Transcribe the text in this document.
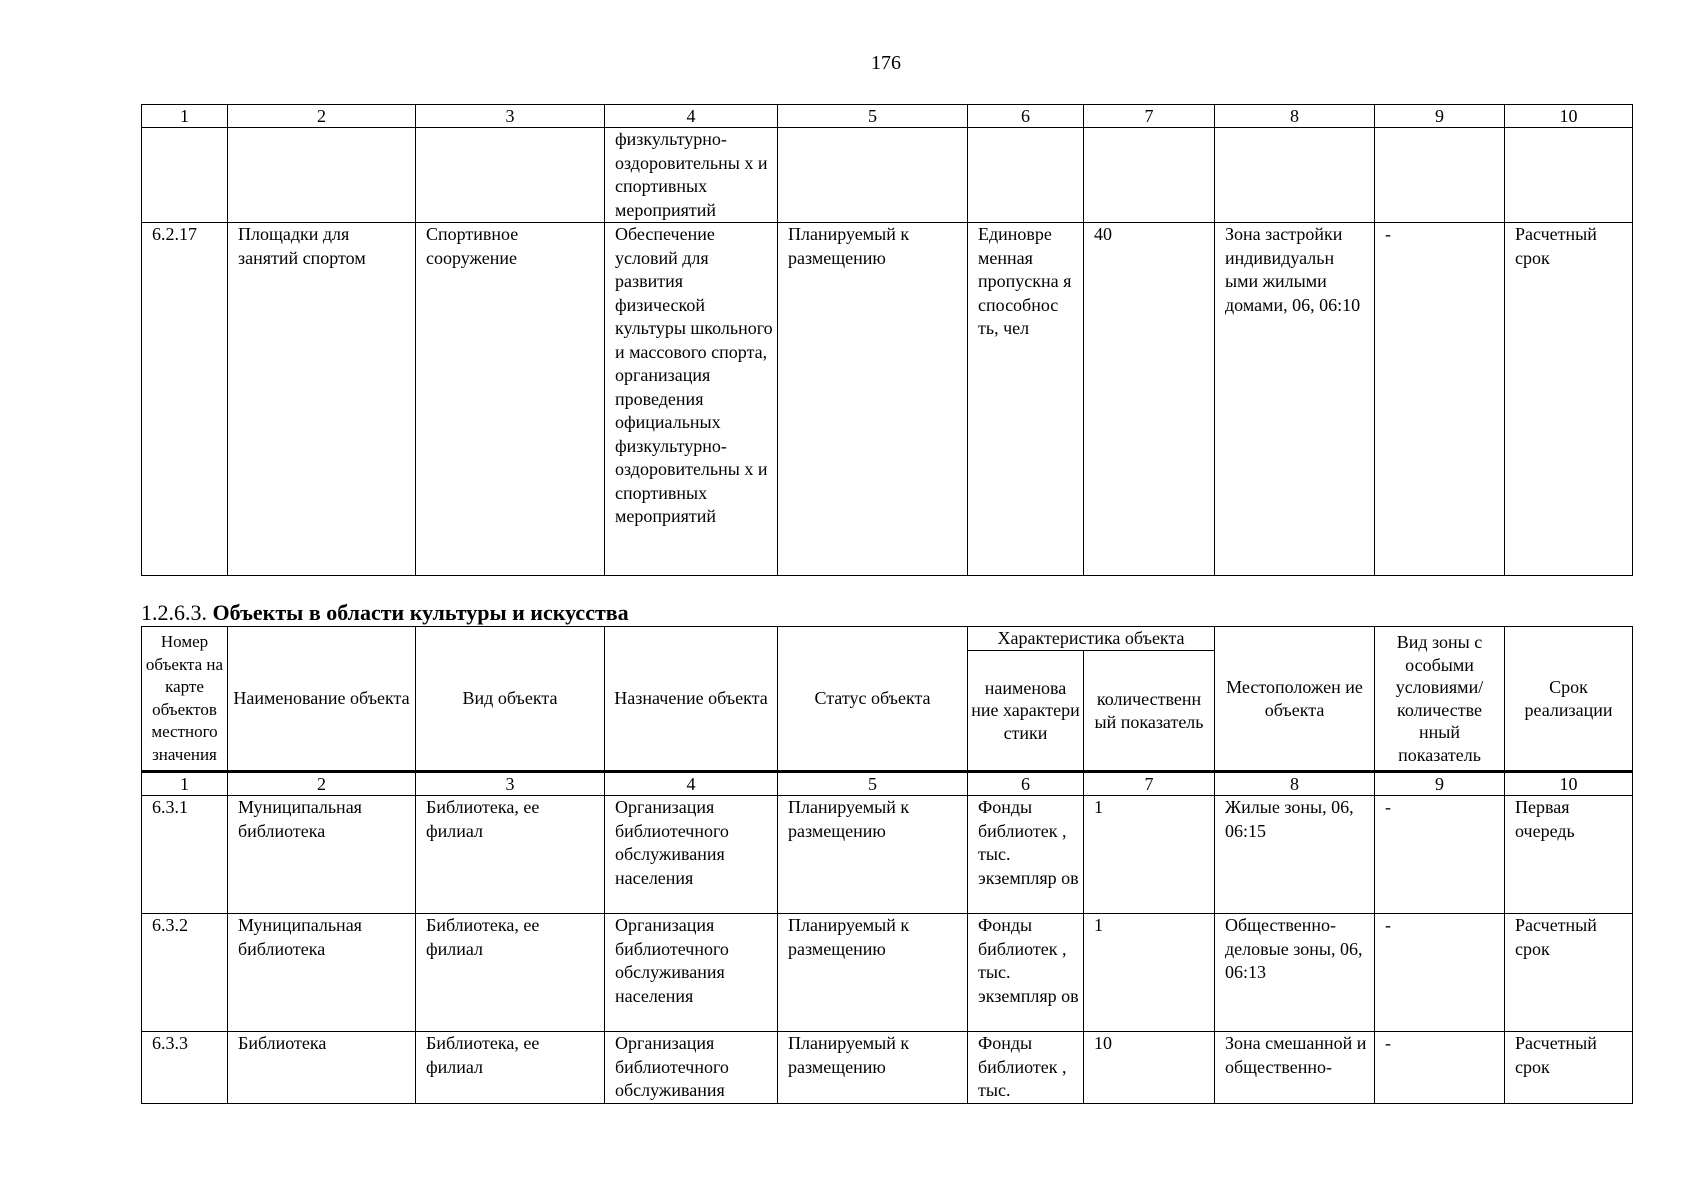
176
1	2	3	4	5	6	7	8	9	10
			физкультурно-оздоровительны х и спортивных мероприятий						
6.2.17	Площадки для занятий спортом	Спортивное сооружение	Обеспечение условий для развития физической культуры школьного и массового спорта, организация проведения официальных физкультурно-оздоровительны х и спортивных мероприятий	Планируемый к размещению	Единовре менная пропускна я способнос ть, чел	40	Зона застройки индивидуальн ыми жилыми домами, 06, 06:10	-	Расчетный срок
1.2.6.3. Объекты в области культуры и искусства
Номер объекта на карте объектов местного значения	Наименование объекта	Вид объекта	Назначение объекта	Статус объекта	Характеристика объекта		Местоположен ие объекта	Вид зоны с особыми условиями/ количестве нный показатель	Срок реализации
					наименова ние характери стики	количественн ый показатель			
1	2	3	4	5	6	7	8	9	10
6.3.1	Муниципальная библиотека	Библиотека, ее филиал	Организация библиотечного обслуживания населения	Планируемый к размещению	Фонды библиотек , тыс. экземпляр ов	1	Жилые зоны, 06, 06:15	-	Первая очередь
6.3.2	Муниципальная библиотека	Библиотека, ее филиал	Организация библиотечного обслуживания населения	Планируемый к размещению	Фонды библиотек , тыс. экземпляр ов	1	Общественно-деловые зоны, 06, 06:13	-	Расчетный срок
6.3.3	Библиотека	Библиотека, ее филиал	Организация библиотечного обслуживания	Планируемый к размещению	Фонды библиотек , тыс.	10	Зона смешанной и общественно-	-	Расчетный срок
